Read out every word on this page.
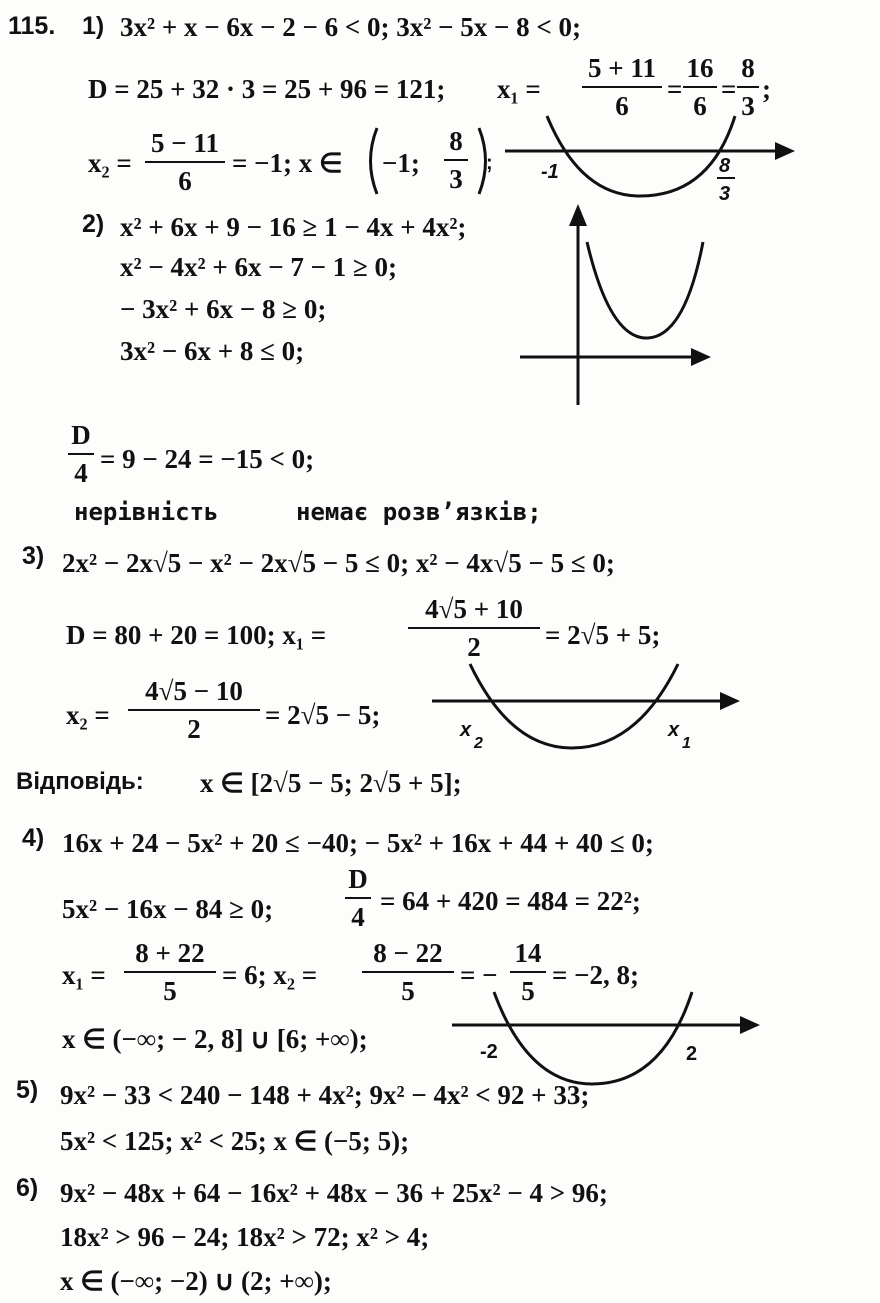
115. 1) 3x² + x − 6x − 2 − 6 < 0; 3x² − 5x − 8 < 0;
D = 25 + 32 · 3 = 25 + 96 = 121; x₁ =
5 + 11
6
=
16
6
=
8
3
;
x₂ =
5 − 11
6
= −1; x ∈ −1;
8
3
; -1	8
3
2) x² + 6x + 9 − 16 ≥ 1 − 4x + 4x²;
x² − 4x² + 6x − 7 − 1 ≥ 0;
− 3x² + 6x − 8 ≥ 0;
3x² − 6x + 8 ≤ 0;
D
4 = 9 − 24 = −15 < 0;
нерівність	немає розв’язків;
3) 2x² − 2x√5 − x² − 2x√5 − 5 ≤ 0; x² − 4x√5 − 5 ≤ 0;
D = 80 + 20 = 100; x₁ =
4√5 + 10
2	= 2√5 + 5;
x₂ =
4√5 − 10
2	= 2√5 − 5;	x
2
x
1
Відповідь: x ∈ [2√5 − 5; 2√5 + 5];
4) 16x + 24 − 5x² + 20 ≤ −40; − 5x² + 16x + 44 + 40 ≤ 0;
5x² − 16x − 84 ≥ 0;
D
4
= 64 + 420 = 484 = 22²;
x₁ =
8 + 22
5
= 6; x₂ =
8 − 22
5
= −
14
5
= −2, 8;
x ∈ (−∞; − 2, 8] ∪ [6; +∞);	-2	2
5) 9x² − 33 < 240 − 148 + 4x²; 9x² − 4x² < 92 + 33;
5x² < 125; x² < 25; x ∈ (−5; 5);
6) 9x² − 48x + 64 − 16x² + 48x − 36 + 25x² − 4 > 96;
18x² > 96 − 24; 18x² > 72; x² > 4;
x ∈ (−∞; −2) ∪ (2; +∞);
